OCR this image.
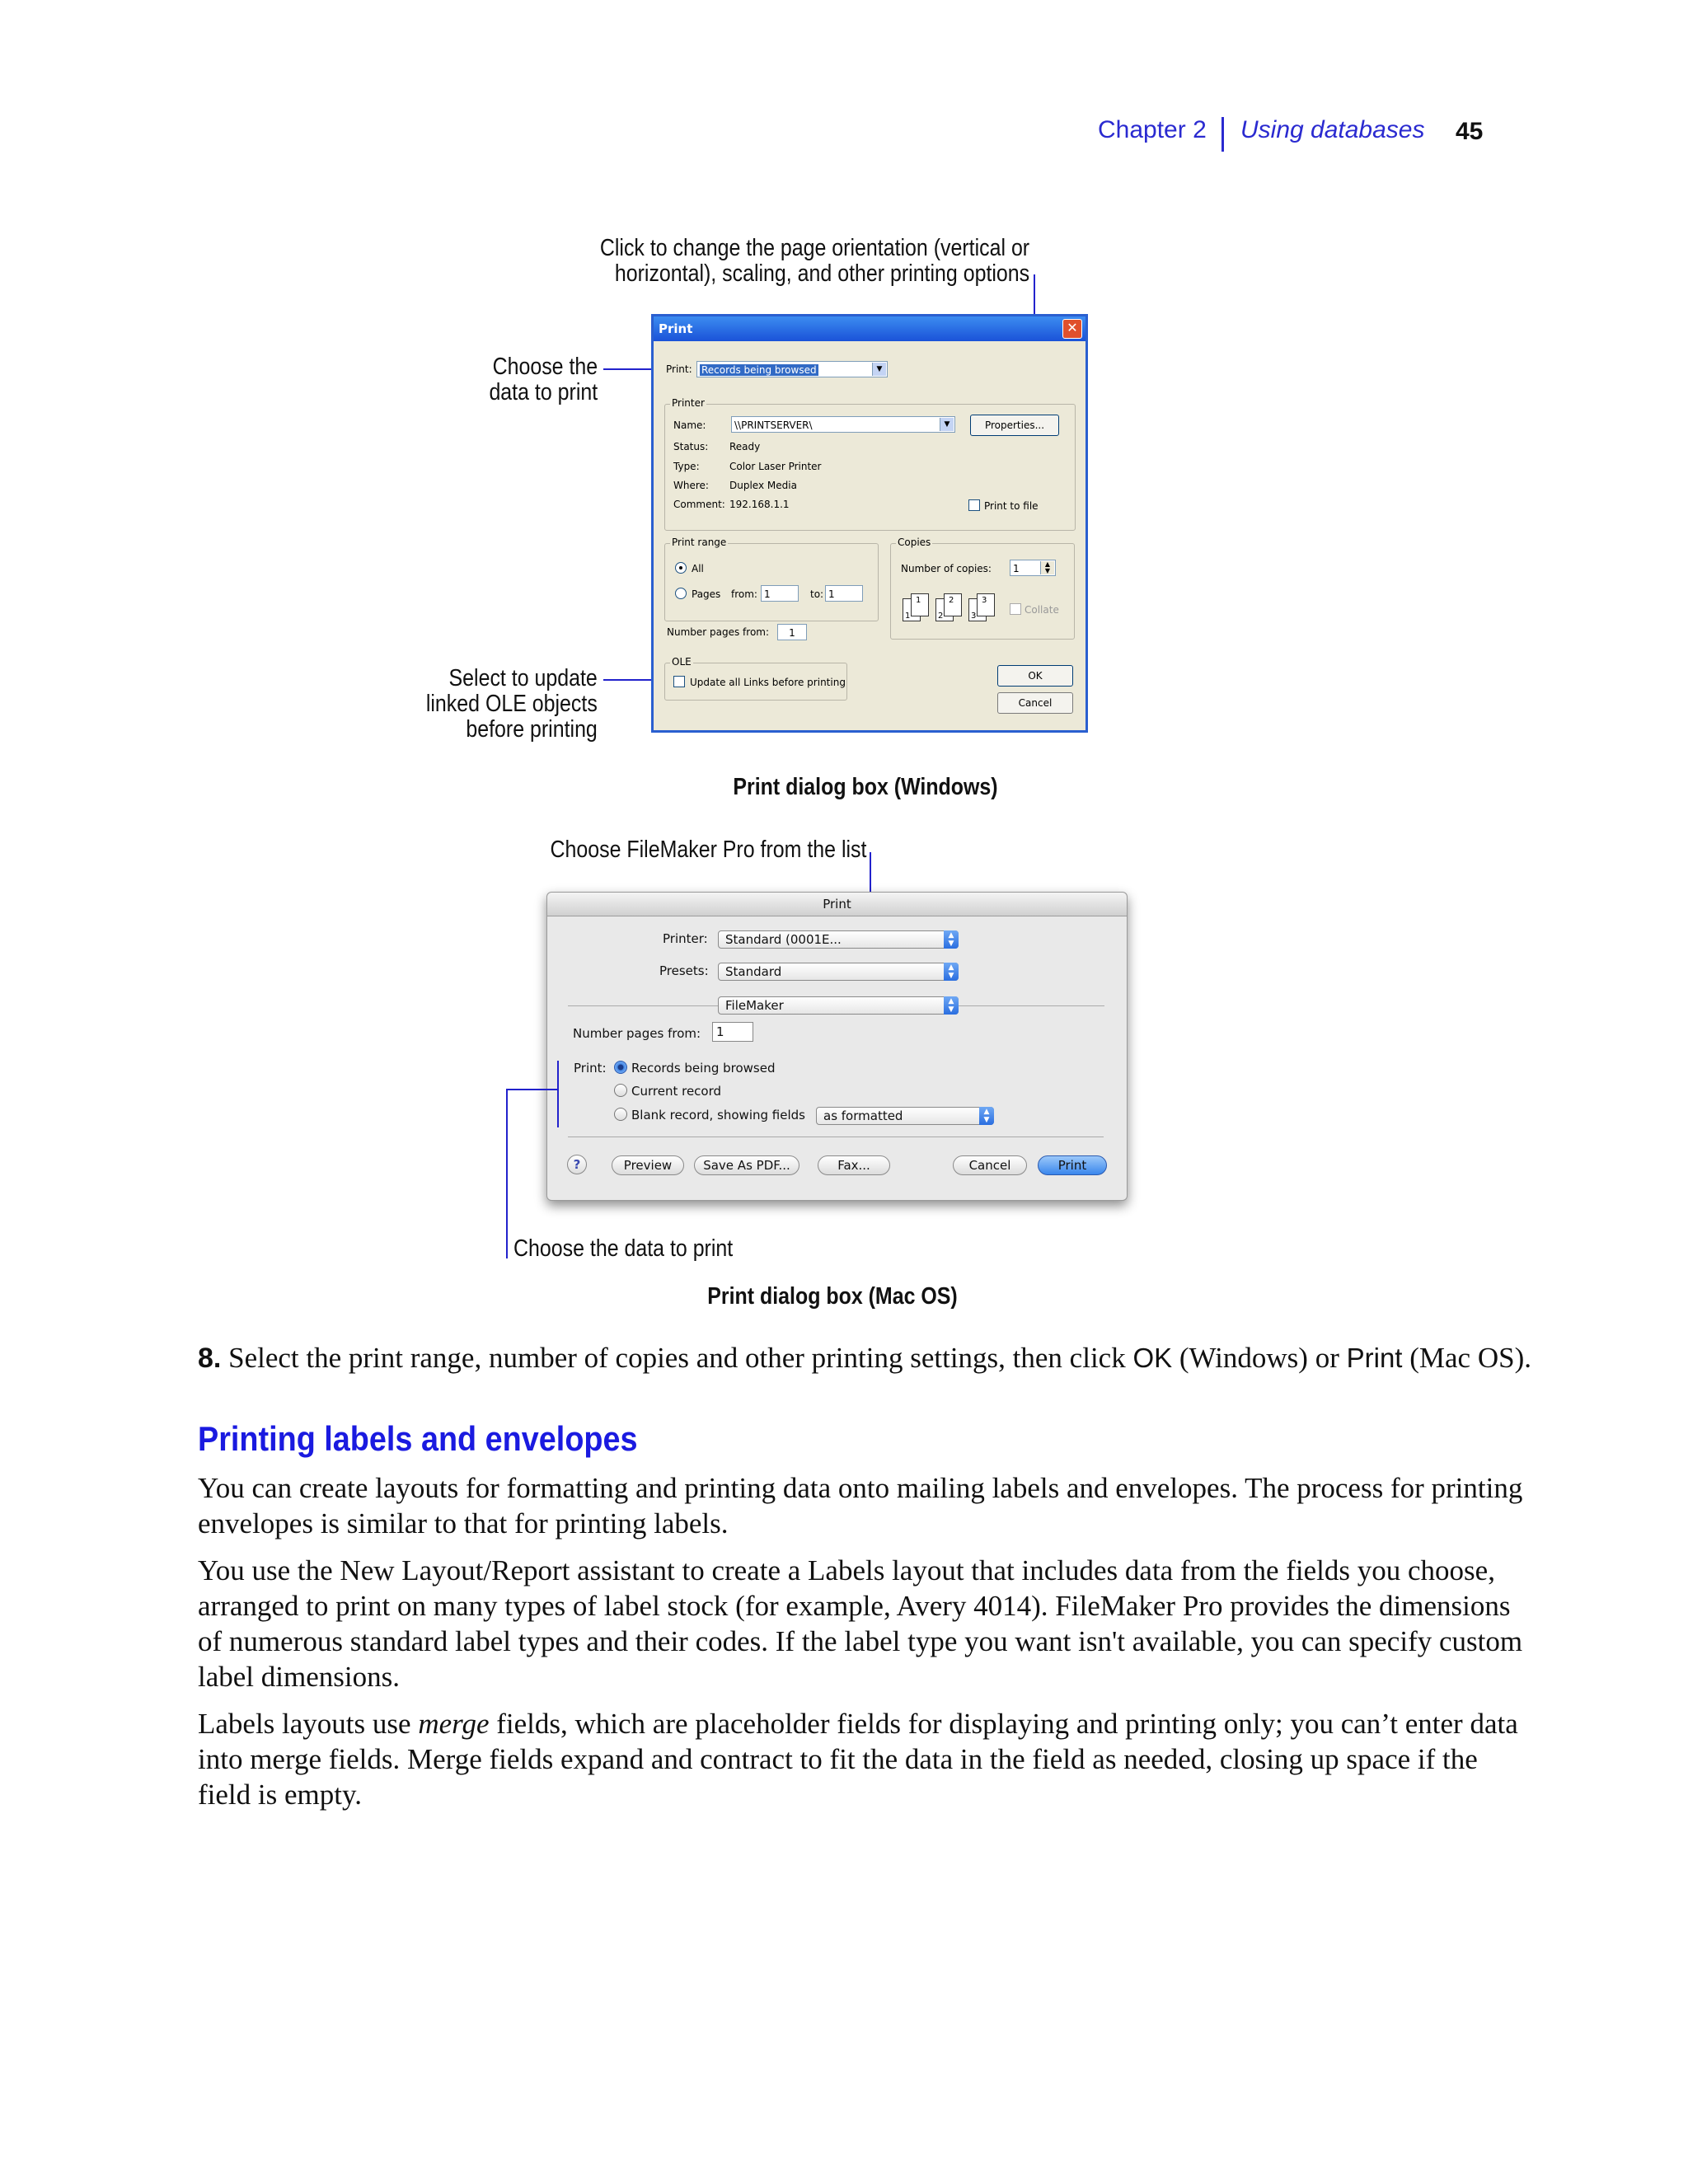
Chapter 2 Using databases 45
Click to change the page orientation (vertical or
horizontal), scaling, and other printing options
Choose the
data to print
Select to update
linked OLE objects
before printing
Print	✕
Print: Records being browsed	▼
Printer
Name:	\\PRINTSERVER\	▼	Properties...
Status: Ready
Type:	Color Laser Printer
Where: Duplex Media
Comment: 192.168.1.1	Print to file
Print range
All
Pages from: 1	to: 1
Number pages from:	1
Copies
Number of copies:	1	▲
▼
1
1
2
2
3
3
Collate
OLE
Update all Links before printing
OK
Cancel
Print dialog box (Windows)
Choose FileMaker Pro from the list
Print
Printer:	Standard (0001E...	▲
▼
Presets:	Standard	▲
▼
FileMaker	▲
▼
Number pages from:	1
Print: Records being browsed
Current record
Blank record, showing fields	as formatted	▲
▼
?	Preview	Save As PDF...	Fax...	Cancel	Print
Choose the data to print
Print dialog box (Mac OS)
8. Select the print range, number of copies and other printing settings, then click OK (Windows) or Print (Mac OS).
Printing labels and envelopes

You can create layouts for formatting and printing data onto mailing labels and envelopes. The process for printing envelopes is similar to that for printing labels.

You use the New Layout/Report assistant to create a Labels layout that includes data from the fields you choose, arranged to print on many types of label stock (for example, Avery 4014). FileMaker Pro provides the dimensions of numerous standard label types and their codes. If the label type you want isn't available, you can specify custom label dimensions.

Labels layouts use merge fields, which are placeholder fields for displaying and printing only; you can’t enter data into merge fields. Merge fields expand and contract to fit the data in the field as needed, closing up space if the field is empty.
